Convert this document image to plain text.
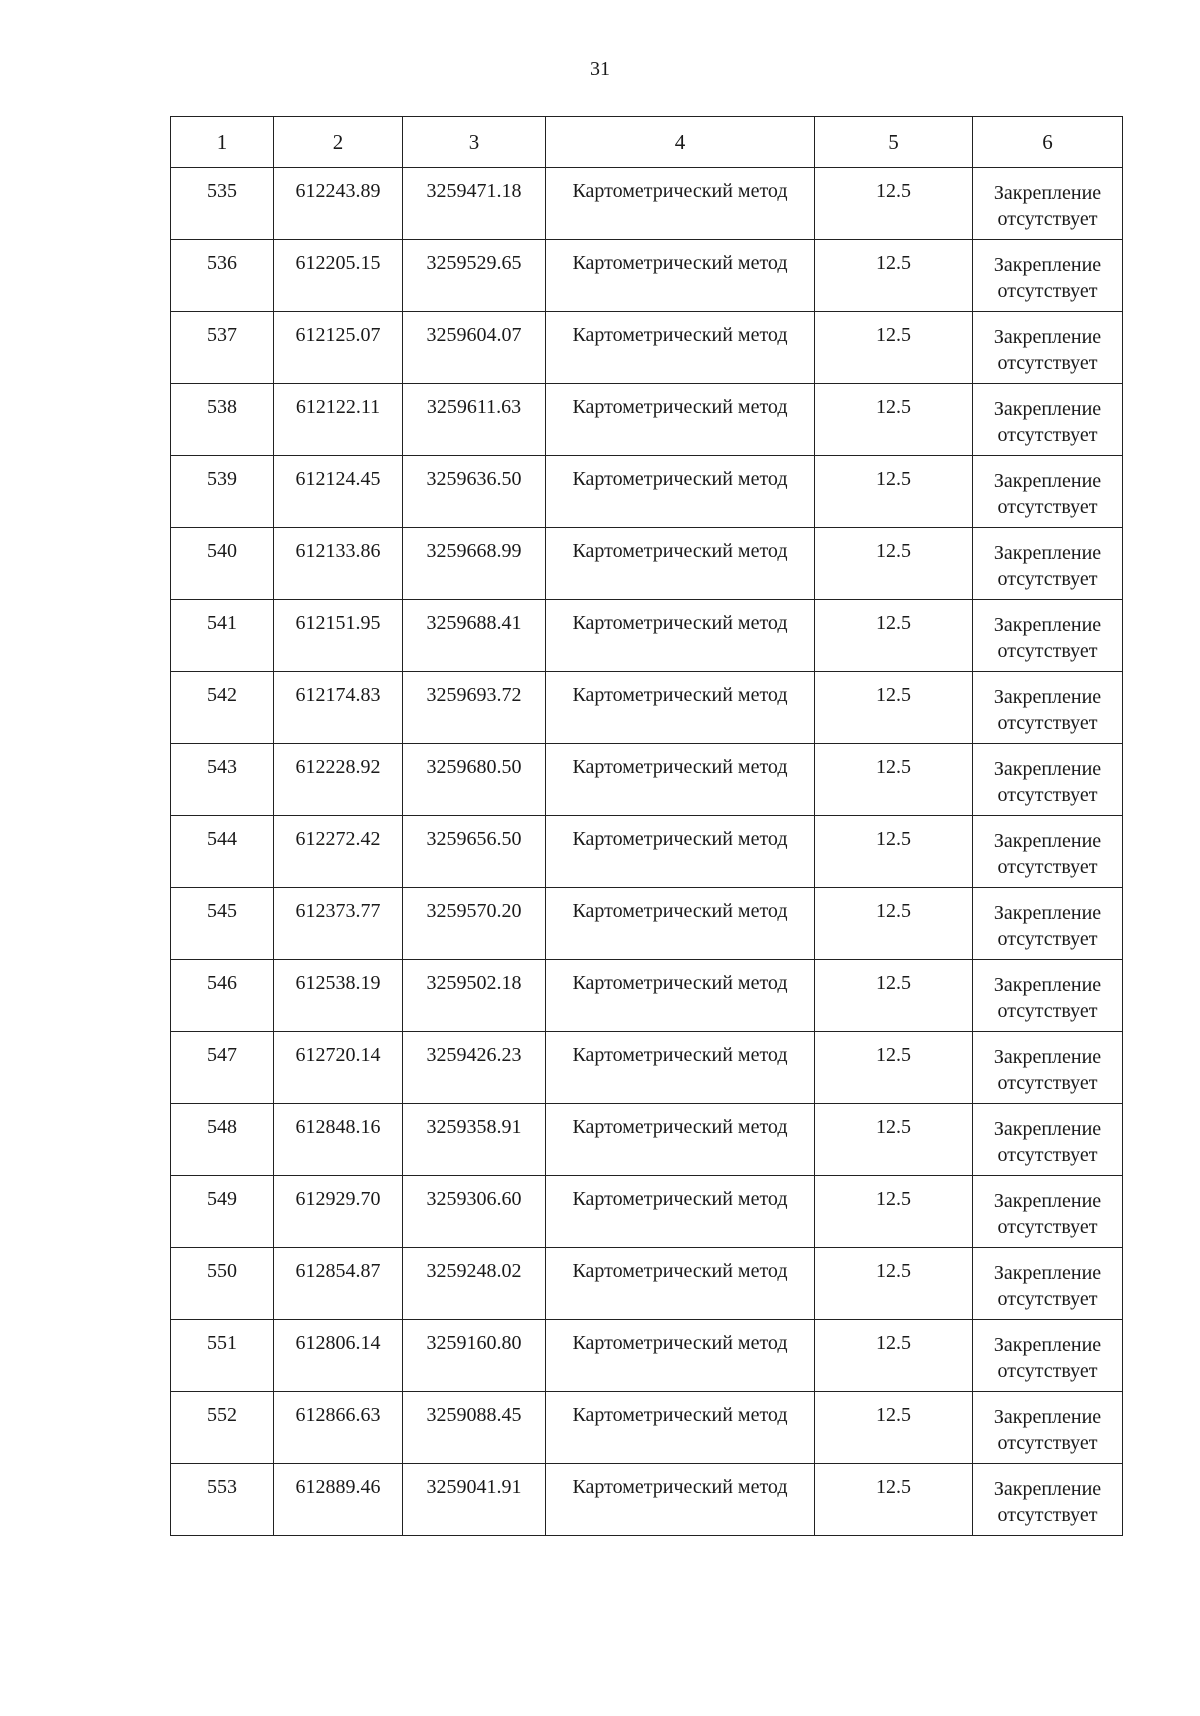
31
1	2	3	4	5	6
535	612243.89	3259471.18	Картометрический метод	12.5	Закрепление
отсутствует

536	612205.15	3259529.65	Картометрический метод	12.5	Закрепление
отсутствует

537	612125.07	3259604.07	Картометрический метод	12.5	Закрепление
отсутствует

538	612122.11	3259611.63	Картометрический метод	12.5	Закрепление
отсутствует

539	612124.45	3259636.50	Картометрический метод	12.5	Закрепление
отсутствует

540	612133.86	3259668.99	Картометрический метод	12.5	Закрепление
отсутствует

541	612151.95	3259688.41	Картометрический метод	12.5	Закрепление
отсутствует

542	612174.83	3259693.72	Картометрический метод	12.5	Закрепление
отсутствует

543	612228.92	3259680.50	Картометрический метод	12.5	Закрепление
отсутствует

544	612272.42	3259656.50	Картометрический метод	12.5	Закрепление
отсутствует

545	612373.77	3259570.20	Картометрический метод	12.5	Закрепление
отсутствует

546	612538.19	3259502.18	Картометрический метод	12.5	Закрепление
отсутствует

547	612720.14	3259426.23	Картометрический метод	12.5	Закрепление
отсутствует

548	612848.16	3259358.91	Картометрический метод	12.5	Закрепление
отсутствует

549	612929.70	3259306.60	Картометрический метод	12.5	Закрепление
отсутствует

550	612854.87	3259248.02	Картометрический метод	12.5	Закрепление
отсутствует

551	612806.14	3259160.80	Картометрический метод	12.5	Закрепление
отсутствует

552	612866.63	3259088.45	Картометрический метод	12.5	Закрепление
отсутствует

553	612889.46	3259041.91	Картометрический метод	12.5	Закрепление
отсутствует
